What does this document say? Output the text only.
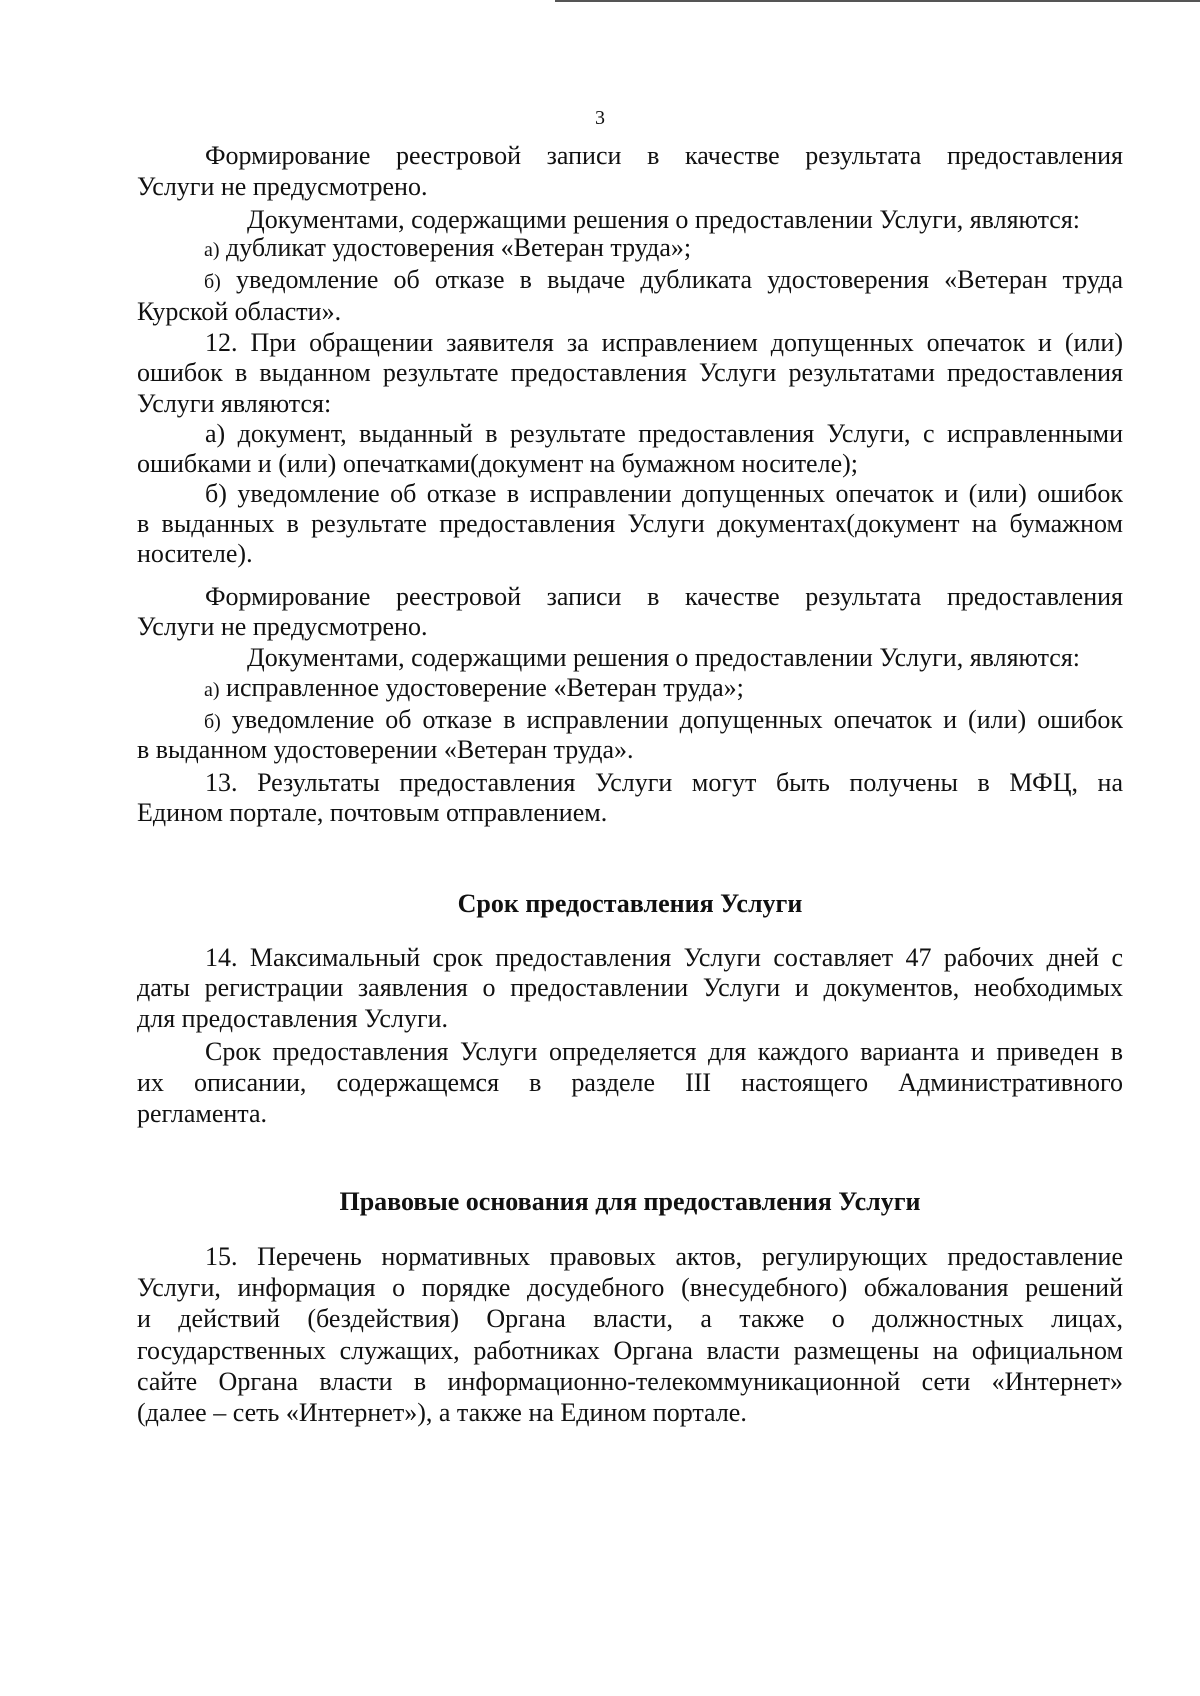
3

Формирование реестровой записи в качестве результата предоставления

Услуги не предусмотрено.

Документами, содержащими решения о предоставлении Услуги, являются:

а) дубликат удостоверения «Ветеран труда»;

б) уведомление об отказе в выдаче дубликата удостоверения «Ветеран труда

Курской области».

12. При обращении заявителя за исправлением допущенных опечаток и (или)

ошибок в выданном результате предоставления Услуги результатами предоставления

Услуги являются:

а) документ, выданный в результате предоставления Услуги, с исправленными

ошибками и (или) опечатками(документ на бумажном носителе);

б) уведомление об отказе в исправлении допущенных опечаток и (или) ошибок

в выданных в результате предоставления Услуги документах(документ на бумажном

носителе).

Формирование реестровой записи в качестве результата предоставления

Услуги не предусмотрено.

Документами, содержащими решения о предоставлении Услуги, являются:

а) исправленное удостоверение «Ветеран труда»;

б) уведомление об отказе в исправлении допущенных опечаток и (или) ошибок

в выданном удостоверении «Ветеран труда».

13. Результаты предоставления Услуги могут быть получены в МФЦ, на

Едином портале, почтовым отправлением.

Срок предоставления Услуги

14. Максимальный срок предоставления Услуги составляет 47 рабочих дней с

даты регистрации заявления о предоставлении Услуги и документов, необходимых

для предоставления Услуги.

Срок предоставления Услуги определяется для каждого варианта и приведен в

их описании, содержащемся в разделе III настоящего Административного

регламента.

Правовые основания для предоставления Услуги

15. Перечень нормативных правовых актов, регулирующих предоставление

Услуги, информация о порядке досудебного (внесудебного) обжалования решений

и действий (бездействия) Органа власти, а также о должностных лицах,

государственных служащих, работниках Органа власти размещены на официальном

сайте Органа власти в информационно-телекоммуникационной сети «Интернет»

(далее – сеть «Интернет»), а также на Едином портале.
